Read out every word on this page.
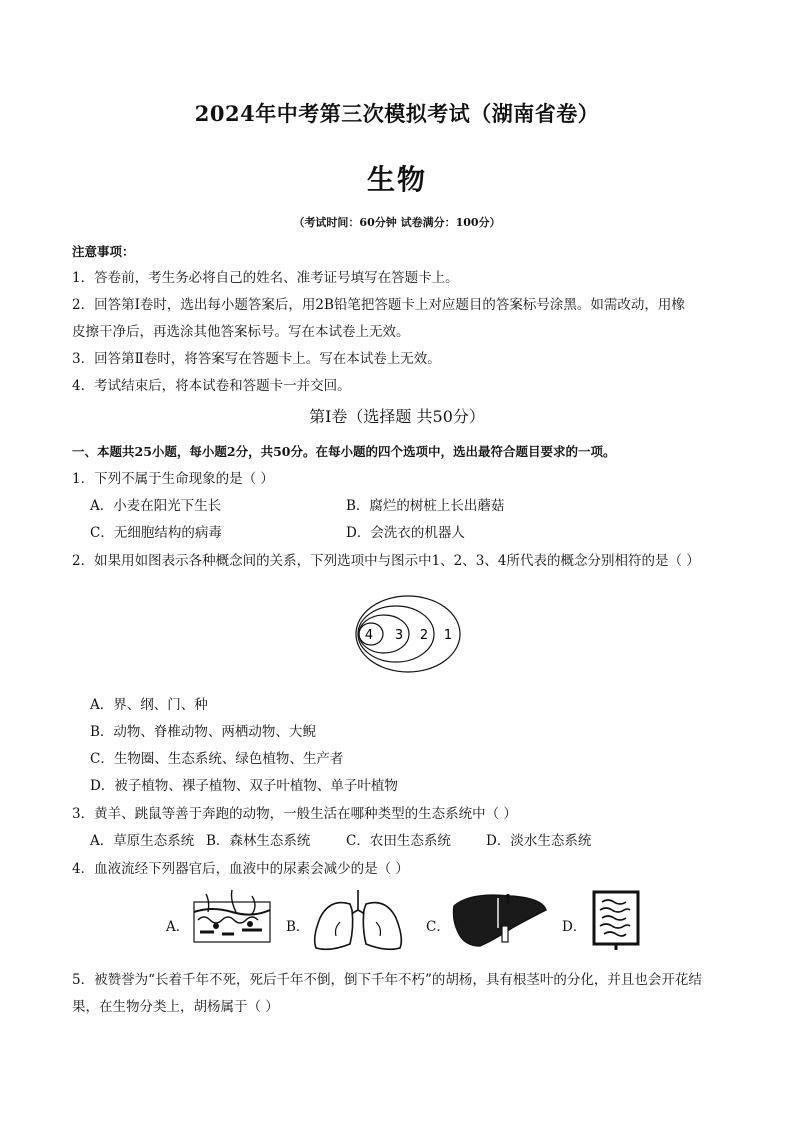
2024年中考第三次模拟考试（湖南省卷）
生物
（考试时间：60分钟 试卷满分：100分）
注意事项：
1．答卷前，考生务必将自己的姓名、准考证号填写在答题卡上。
2．回答第Ⅰ卷时，选出每小题答案后，用2B铅笔把答题卡上对应题目的答案标号涂黑。如需改动，用橡
皮擦干净后，再选涂其他答案标号。写在本试卷上无效。
3．回答第Ⅱ卷时，将答案写在答题卡上。写在本试卷上无效。
4．考试结束后，将本试卷和答题卡一并交回。
第Ⅰ卷（选择题 共50分）
一、本题共25小题，每小题2分，共50分。在每小题的四个选项中，选出最符合题目要求的一项。
1．下列不属于生命现象的是（ ）
A．小麦在阳光下生长	B．腐烂的树桩上长出蘑菇
C．无细胞结构的病毒	D．会洗衣的机器人
2．如果用如图表示各种概念间的关系，下列选项中与图示中1、2、3、4所代表的概念分别相符的是（ ）
4 3 2 1
A．界、纲、门、种
B．动物、脊椎动物、两栖动物、大鲵
C．生物圈、生态系统、绿色植物、生产者
D．被子植物、裸子植物、双子叶植物、单子叶植物
3．黄羊、跳鼠等善于奔跑的动物，一般生活在哪种类型的生态系统中（ ）
A．草原生态系统 B．森林生态系统	C．农田生态系统	D．淡水生态系统
4．血液流经下列器官后，血液中的尿素会减少的是（ ）
A．	B．	C．	D．
5．被赞誉为“长着千年不死，死后千年不倒，倒下千年不朽”的胡杨，具有根茎叶的分化，并且也会开花结
果，在生物分类上，胡杨属于（ ）
